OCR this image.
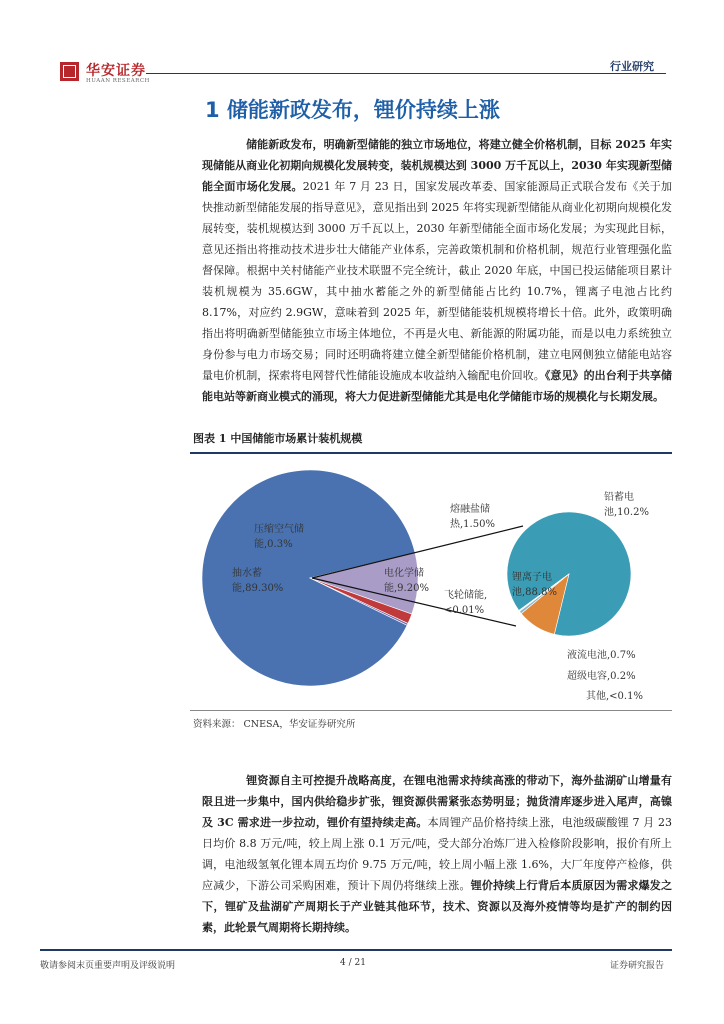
华安证券
HUAAN RESEARCH
行业研究
1 储能新政发布，锂价持续上涨

储能新政发布，明确新型储能的独立市场地位，将建立健全价格机制，目标 2025 年实现储能从商业化初期向规模化发展转变，装机规模达到 3000 万千瓦以上，2030 年实现新型储能全面市场化发展。2021 年 7 月 23 日，国家发展改革委、国家能源局正式联合发布《关于加快推动新型储能发展的指导意见》，意见指出到 2025 年将实现新型储能从商业化初期向规模化发展转变，装机规模达到 3000 万千瓦以上，2030 年新型储能全面市场化发展；为实现此目标，意见还指出将推动技术进步壮大储能产业体系，完善政策机制和价格机制，规范行业管理强化监督保障。根据中关村储能产业技术联盟不完全统计，截止 2020 年底，中国已投运储能项目累计装机规模为 35.6GW，其中抽水蓄能之外的新型储能占比约 10.7%，锂离子电池占比约 8.17%，对应约 2.9GW，意味着到 2025 年，新型储能装机规模将增长十倍。此外，政策明确指出将明确新型储能独立市场主体地位，不再是火电、新能源的附属功能，而是以电力系统独立身份参与电力市场交易；同时还明确将建立健全新型储能价格机制，建立电网侧独立储能电站容量电价机制，探索将电网替代性储能设施成本收益纳入输配电价回收。《意见》的出台利于共享储能电站等新商业模式的涌现，将大力促进新型储能尤其是电化学储能市场的规模化与长期发展。

图表 1 中国储能市场累计装机规模
抽水蓄能,89.30%
压缩空气储能,0.3%
熔融盐储热,1.50%
电化学储能,9.20%
飞轮储能,<0.01%
铅蓄电池,10.2%
锂离子电池,88.8%
液流电池,0.7%
超级电容,0.2%
其他,<0.1%
资料来源： CNESA，华安证券研究所

锂资源自主可控提升战略高度，在锂电池需求持续高涨的带动下，海外盐湖矿山增量有限且进一步集中，国内供给稳步扩张，锂资源供需紧张态势明显；抛货清库逐步进入尾声，高镍及 3C 需求进一步拉动，锂价有望持续走高。本周锂产品价格持续上涨，电池级碳酸锂 7 月 23 日均价 8.8 万元/吨，较上周上涨 0.1 万元/吨，受大部分冶炼厂进入检修阶段影响，报价有所上调，电池级氢氧化锂本周五均价 9.75 万元/吨，较上周小幅上涨 1.6%，大厂年度停产检修，供应减少，下游公司采购困难，预计下周仍将继续上涨。锂价持续上行背后本质原因为需求爆发之下，锂矿及盐湖矿产周期长于产业链其他环节，技术、资源以及海外疫情等均是扩产的制约因素，此轮景气周期将长期持续。

敬请参阅末页重要声明及评级说明	4 / 21	证券研究报告
